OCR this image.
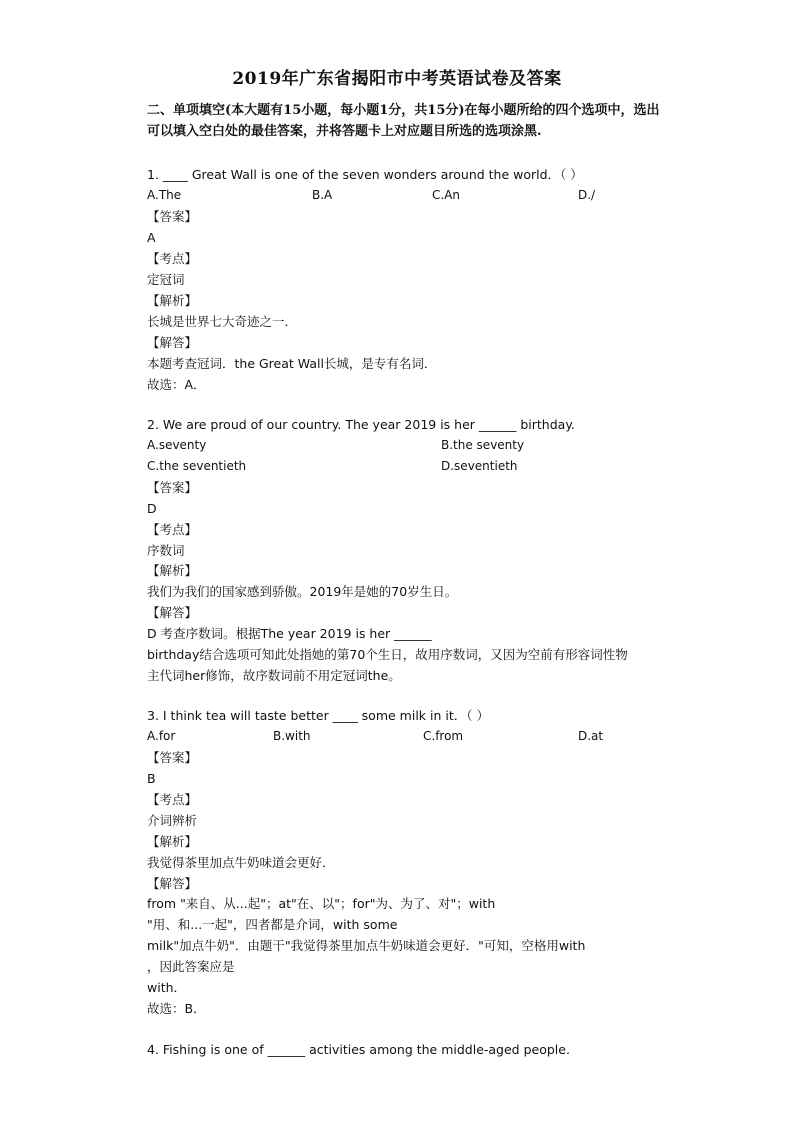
2019年广东省揭阳市中考英语试卷及答案
二、单项填空(本大题有15小题，每小题1分，共15分)在每小题所给的四个选项中，选出
可以填入空白处的最佳答案，并将答题卡上对应题目所选的选项涂黑.
1. ____ Great Wall is one of the seven wonders around the world．（ ）
A.The	B.A	C.An	D./
【答案】
A
【考点】
定冠词
【解析】
长城是世界七大奇迹之一．
【解答】
本题考查冠词．the Great Wall长城，是专有名词．
故选：A．
2. We are proud of our country. The year 2019 is her ______ birthday.
A.seventy	B.the seventy
C.the seventieth	D.seventieth
【答案】
D
【考点】
序数词
【解析】
我们为我们的国家感到骄傲。2019年是她的70岁生日。
【解答】
D 考查序数词。根据The year 2019 is her ______
birthday结合选项可知此处指她的第70个生日，故用序数词，又因为空前有形容词性物
主代词her修饰，故序数词前不用定冠词the。
3. I think tea will taste better ____ some milk in it．（ ）
A.for	B.with	C.from	D.at
【答案】
B
【考点】
介词辨析
【解析】
我觉得茶里加点牛奶味道会更好．
【解答】
from "来自、从...起"；at"在、以"；for"为、为了、对"；with
"用、和...一起"，四者都是介词，with some
milk"加点牛奶"．由题干"我觉得茶里加点牛奶味道会更好．"可知，空格用with
，因此答案应是
with．
故选：B．
4. Fishing is one of ______ activities among the middle-aged people.
